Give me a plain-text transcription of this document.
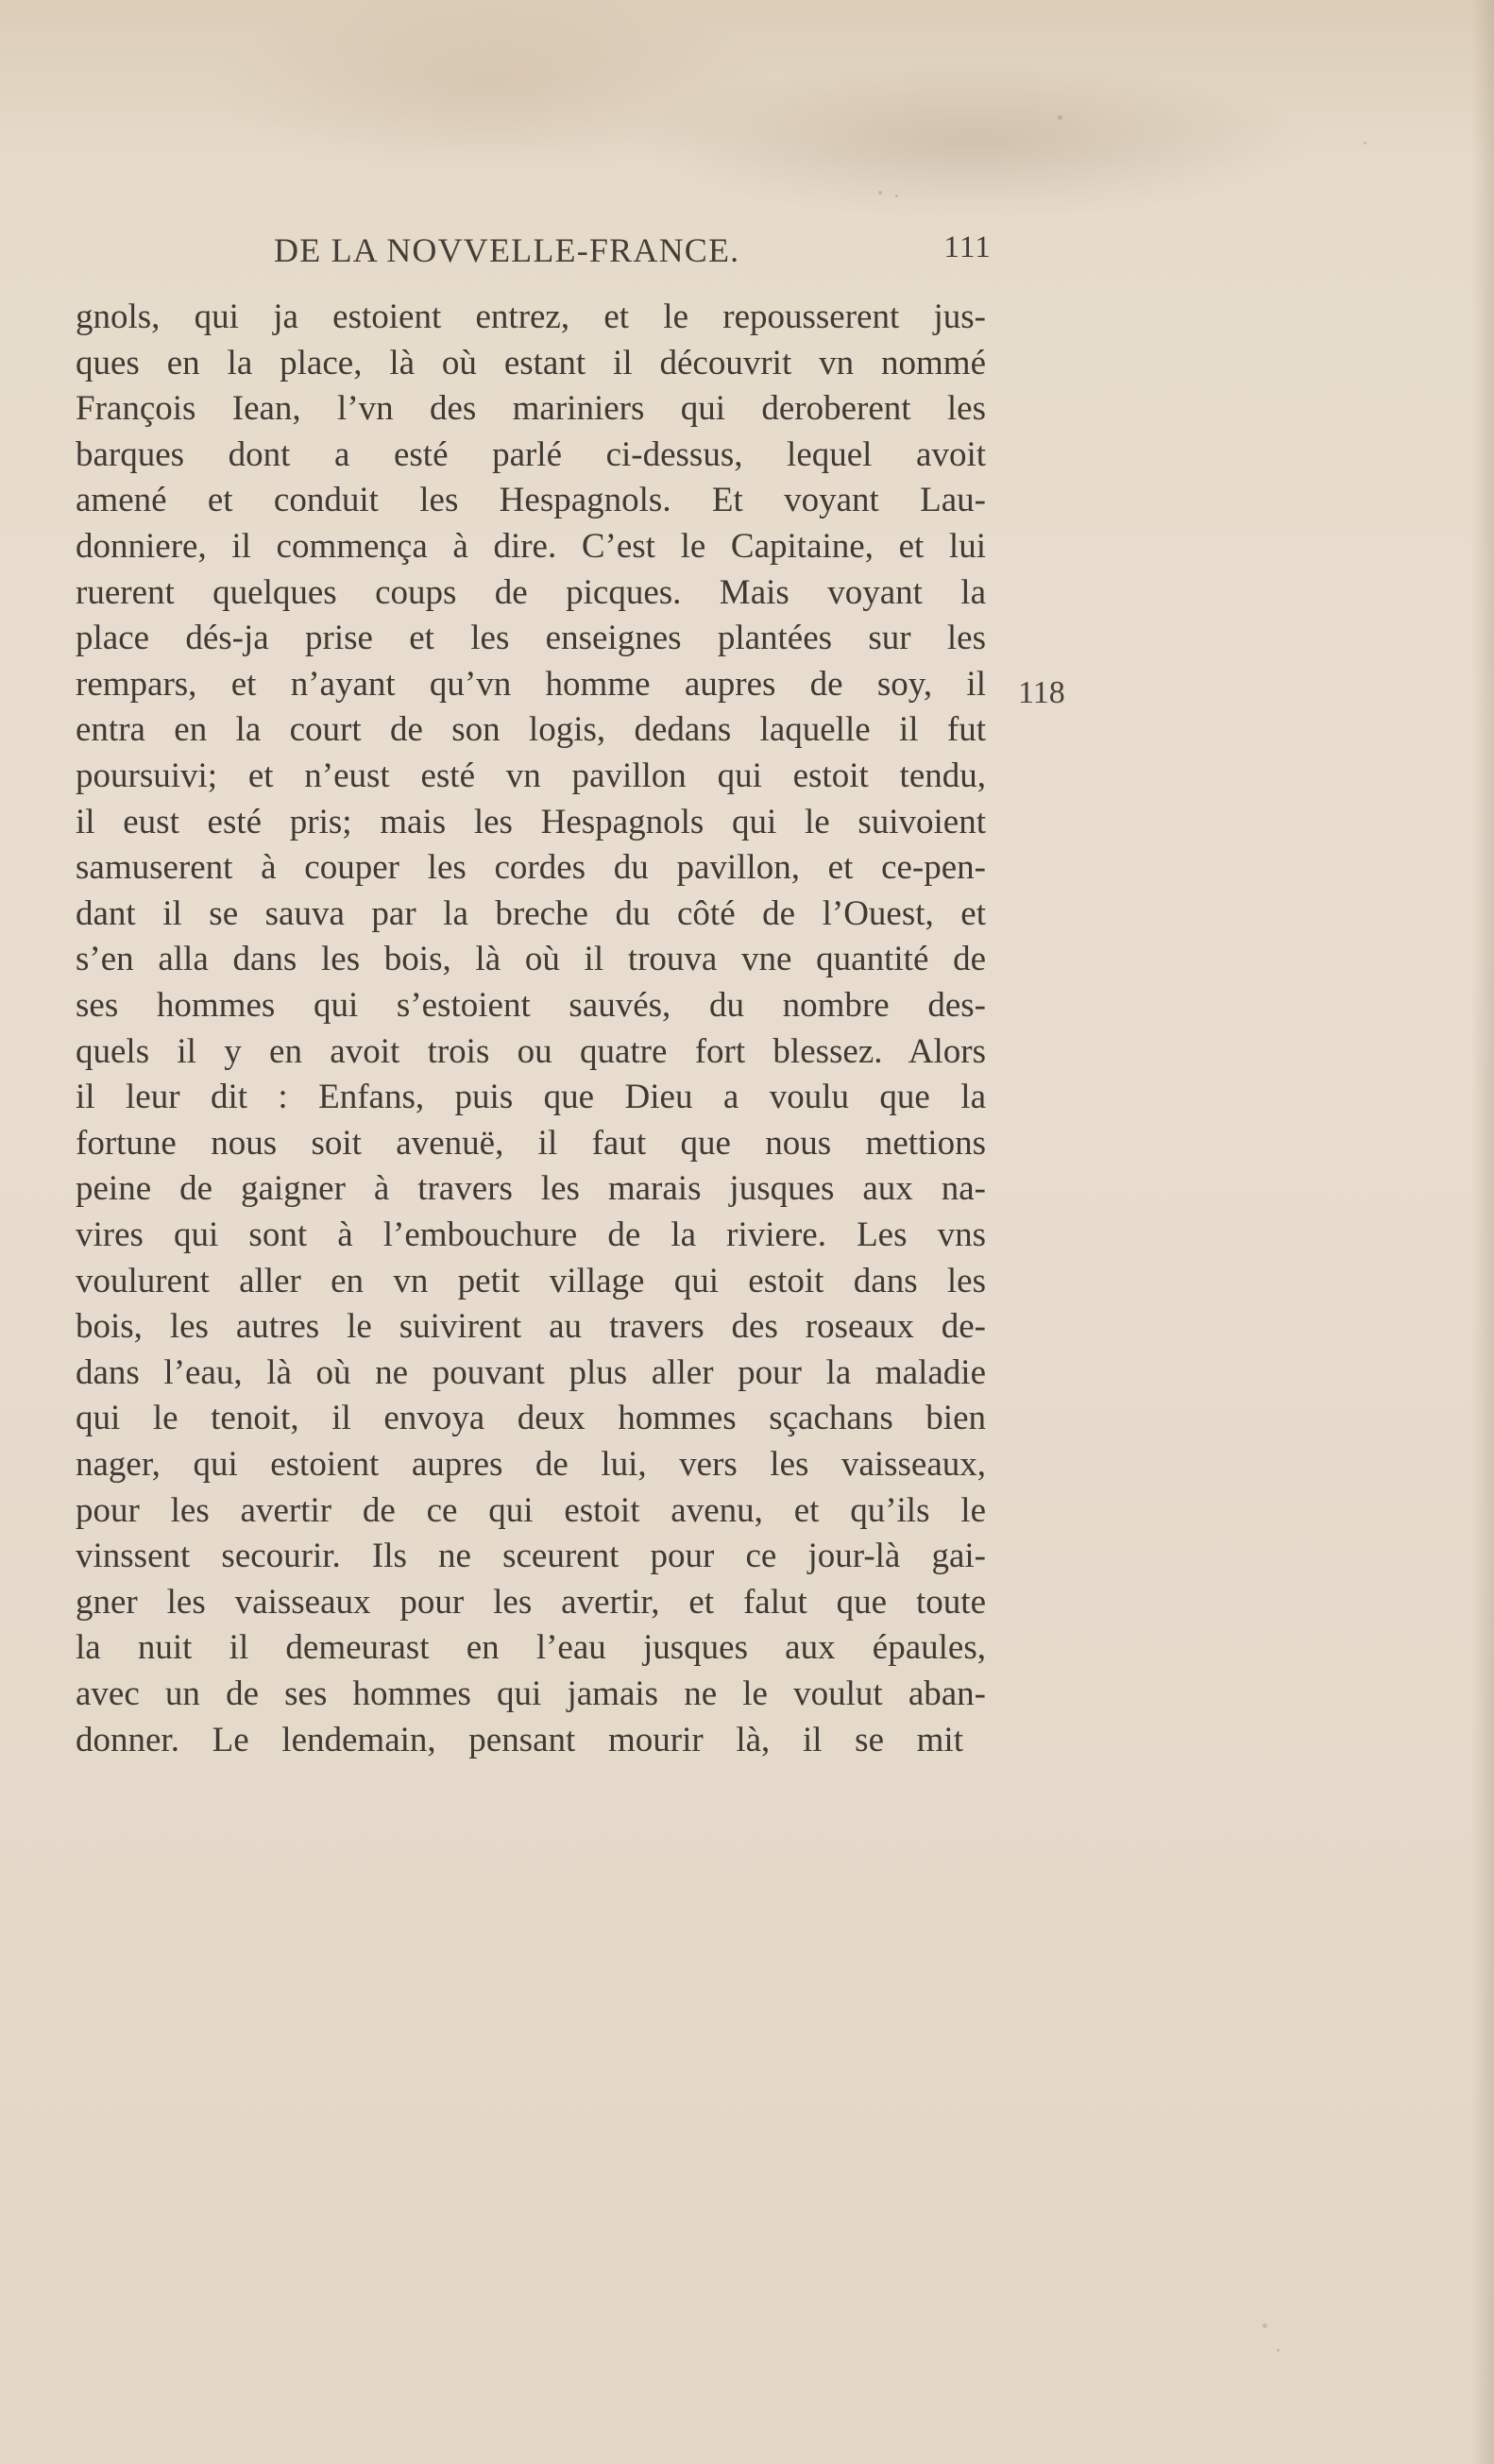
DE LA NOVVELLE-FRANCE.	111
118
gnols, qui ja estoient entrez, et le repousserent jus-
ques en la place, là où estant il découvrit vn nommé
François Iean, l’vn des mariniers qui deroberent les
barques dont a esté parlé ci-dessus, lequel avoit
amené et conduit les Hespagnols. Et voyant Lau-
donniere, il commença à dire. C’est le Capitaine, et lui
ruerent quelques coups de picques. Mais voyant la
place dés-ja prise et les enseignes plantées sur les
rempars, et n’ayant qu’vn homme aupres de soy, il
entra en la court de son logis, dedans laquelle il fut
poursuivi; et n’eust esté vn pavillon qui estoit tendu,
il eust esté pris; mais les Hespagnols qui le suivoient
samuserent à couper les cordes du pavillon, et ce-pen-
dant il se sauva par la breche du côté de l’Ouest, et
s’en alla dans les bois, là où il trouva vne quantité de
ses hommes qui s’estoient sauvés, du nombre des-
quels il y en avoit trois ou quatre fort blessez. Alors
il leur dit : Enfans, puis que Dieu a voulu que la
fortune nous soit avenuë, il faut que nous mettions
peine de gaigner à travers les marais jusques aux na-
vires qui sont à l’embouchure de la riviere. Les vns
voulurent aller en vn petit village qui estoit dans les
bois, les autres le suivirent au travers des roseaux de-
dans l’eau, là où ne pouvant plus aller pour la maladie
qui le tenoit, il envoya deux hommes sçachans bien
nager, qui estoient aupres de lui, vers les vaisseaux,
pour les avertir de ce qui estoit avenu, et qu’ils le
vinssent secourir. Ils ne sceurent pour ce jour-là gai-
gner les vaisseaux pour les avertir, et falut que toute
la nuit il demeurast en l’eau jusques aux épaules,
avec un de ses hommes qui jamais ne le voulut aban-
donner. Le lendemain, pensant mourir là, il se mit
